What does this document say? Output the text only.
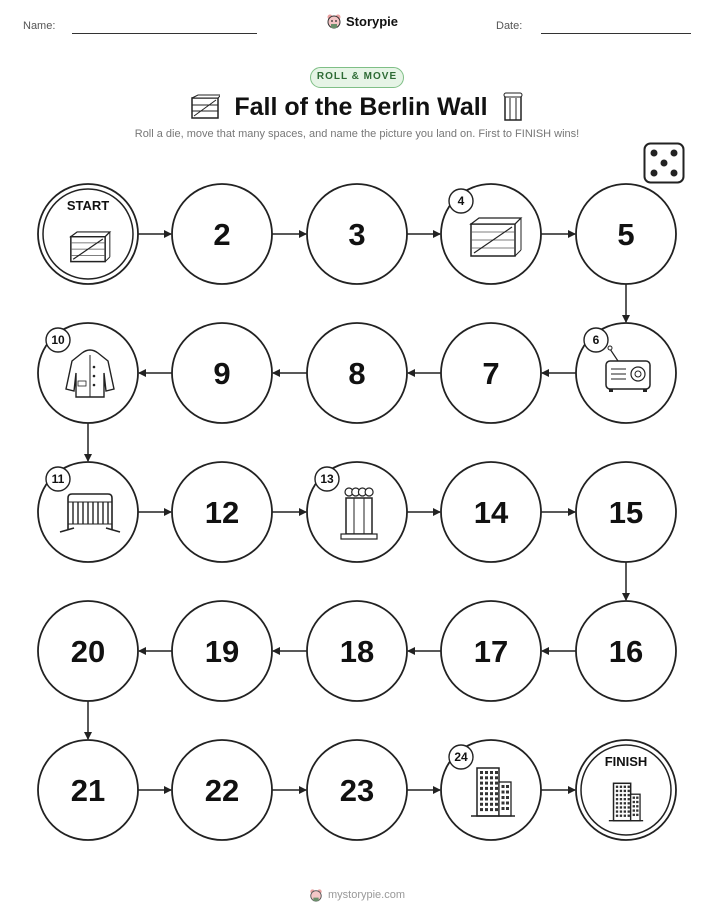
Name:	Storypie	Date:
ROLL & MOVE
Fall of the Berlin Wall
Roll a die, move that many spaces, and name the picture you land on. First to FINISH wins!
START
2	3
4
5
6
7
8
9
10
11
12
13
14	15
16
17
18
19
20
21	22	23
24	FINISH
mystorypie.com
